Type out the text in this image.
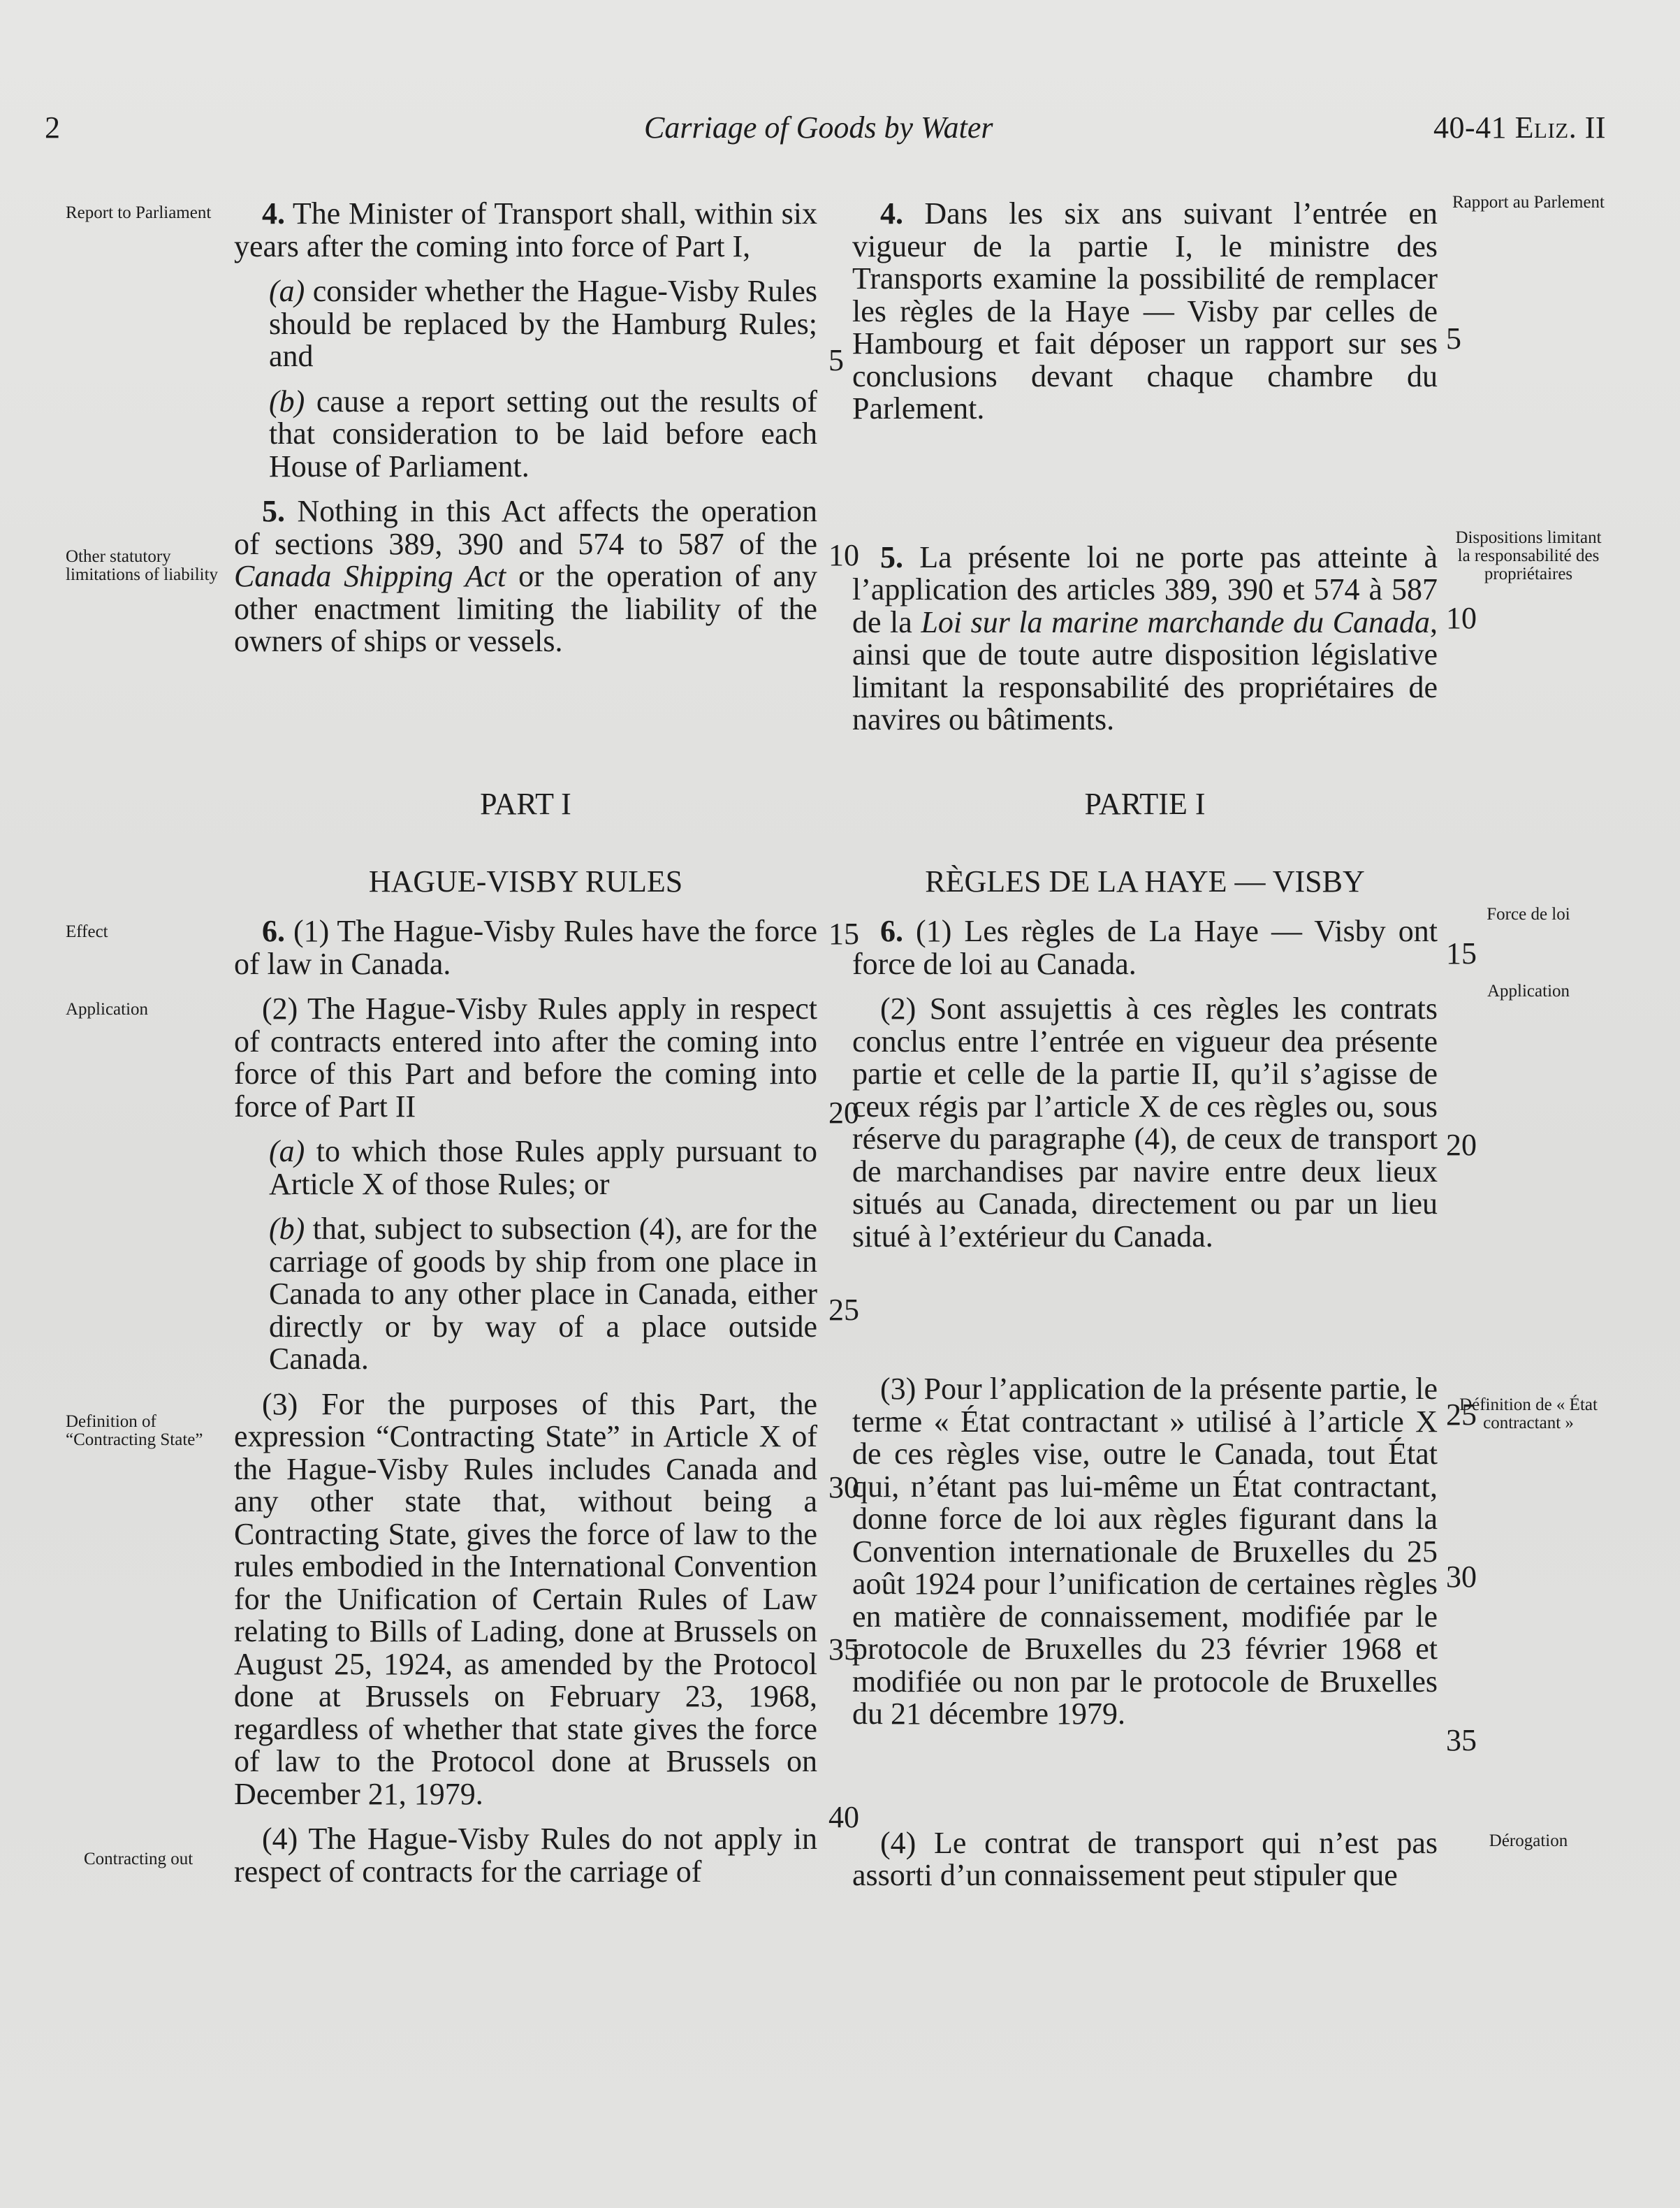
2	Carriage of Goods by Water	40-41 Eliz. II
Report to Parliament
Other statutory limitations of liability
Effect
Application
Definition of “Contracting State”
Contracting out
Rapport au Parlement
Dispositions limitant la responsabilité des propriétaires
Force de loi
Application
Définition de « État contractant »
Dérogation

4. The Minister of Transport shall, within six years after the coming into force of Part I,

(a) consider whether the Hague-Visby Rules should be replaced by the Hamburg Rules; and

(b) cause a report setting out the results of that consideration to be laid before each House of Parliament.

5. Nothing in this Act affects the operation of sections 389, 390 and 574 to 587 of the Canada Shipping Act or the operation of any other enactment limiting the liability of the owners of ships or vessels.

PART I

HAGUE-VISBY RULES

6. (1) The Hague-Visby Rules have the force of law in Canada.

(2) The Hague-Visby Rules apply in respect of contracts entered into after the coming into force of this Part and before the coming into force of Part II

(a) to which those Rules apply pursuant to Article X of those Rules; or

(b) that, subject to subsection (4), are for the carriage of goods by ship from one place in Canada to any other place in Canada, either directly or by way of a place outside Canada.

(3) For the purposes of this Part, the expression “Contracting State” in Article X of the Hague-Visby Rules includes Canada and any other state that, without being a Contracting State, gives the force of law to the rules embodied in the International Convention for the Unification of Certain Rules of Law relating to Bills of Lading, done at Brussels on August 25, 1924, as amended by the Protocol done at Brussels on February 23, 1968, regardless of whether that state gives the force of law to the Protocol done at Brussels on December 21, 1979.

(4) The Hague-Visby Rules do not apply in respect of contracts for the carriage of

4. Dans les six ans suivant l’entrée en vigueur de la partie I, le ministre des Transports examine la possibilité de remplacer les règles de la Haye — Visby par celles de Hambourg et fait déposer un rapport sur ses conclusions devant chaque chambre du Parlement.

5. La présente loi ne porte pas atteinte à l’application des articles 389, 390 et 574 à 587 de la Loi sur la marine marchande du Canada, ainsi que de toute autre disposition législative limitant la responsabilité des propriétaires de navires ou bâtiments.

PARTIE I

RÈGLES DE LA HAYE — VISBY

6. (1) Les règles de La Haye — Visby ont force de loi au Canada.

(2) Sont assujettis à ces règles les contrats conclus entre l’entrée en vigueur dea présente partie et celle de la partie II, qu’il s’agisse de ceux régis par l’article X de ces règles ou, sous réserve du paragraphe (4), de ceux de transport de marchandises par navire entre deux lieux situés au Canada, directement ou par un lieu situé à l’extérieur du Canada.

(3) Pour l’application de la présente partie, le terme « État contractant » utilisé à l’article X de ces règles vise, outre le Canada, tout État qui, n’étant pas lui-même un État contractant, donne force de loi aux règles figurant dans la Convention internationale de Bruxelles du 25 août 1924 pour l’unification de certaines règles en matière de connaissement, modifiée par le protocole de Bruxelles du 23 février 1968 et modifiée ou non par le protocole de Bruxelles du 21 décembre 1979.

(4) Le contrat de transport qui n’est pas assorti d’un connaissement peut stipuler que

5
10
15
20
25
30
35
40
5
10
15
20
25
30
35
